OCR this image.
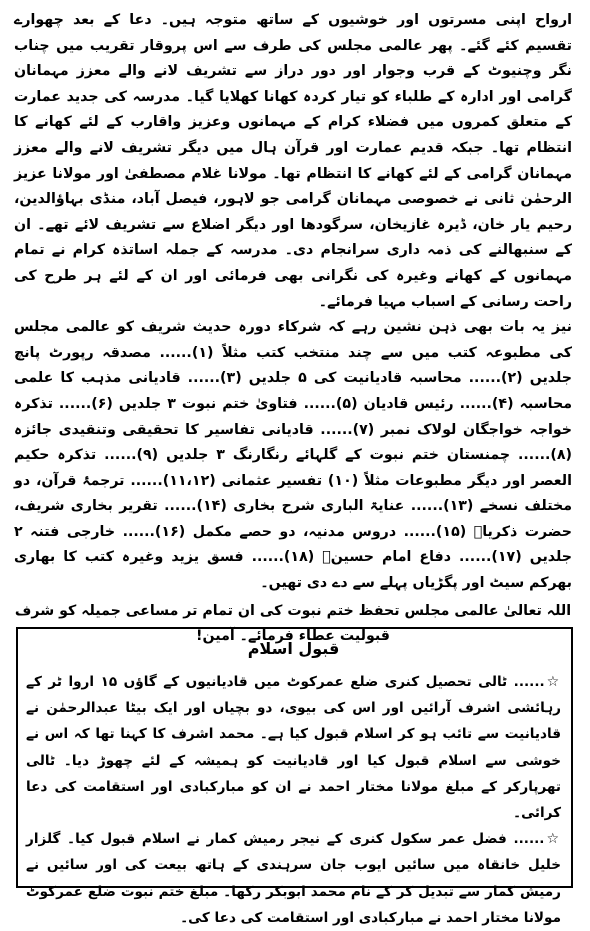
ارواح اپنی مسرتوں اور خوشیوں کے ساتھ متوجہ ہیں۔ دعا کے بعد چھوارے تقسیم کئے گئے۔ پھر عالمی مجلس کی طرف سے اس پروقار تقریب میں چناب نگر وچنیوٹ کے قرب وجوار اور دور دراز سے تشریف لانے والے معزز مہمانان گرامی اور ادارہ کے طلباء کو تیار کردہ کھانا کھلایا گیا۔ مدرسہ کی جدید عمارت کے متعلق کمروں میں فضلاء کرام کے مہمانوں وعزیز واقارب کے لئے کھانے کا انتظام تھا۔ جبکہ قدیم عمارت اور قرآن ہال میں دیگر تشریف لانے والے معزز مہمانان گرامی کے لئے کھانے کا انتظام تھا۔ مولانا غلام مصطفیٰ اور مولانا عزیز الرحمٰن ثانی نے خصوصی مہمانان گرامی جو لاہور، فیصل آباد، منڈی بہاؤالدین، رحیم یار خان، ڈیرہ غازیخان، سرگودھا اور دیگر اضلاع سے تشریف لائے تھے۔ ان کے سنبھالنے کی ذمہ داری سرانجام دی۔ مدرسہ کے جملہ اساتذہ کرام نے تمام مہمانوں کے کھانے وغیرہ کی نگرانی بھی فرمائی اور ان کے لئے ہر طرح کی راحت رسانی کے اسباب مہیا فرمائے۔

نیز یہ بات بھی ذہن نشین رہے کہ شرکاء دورہ حدیث شریف کو عالمی مجلس کی مطبوعہ کتب میں سے چند منتخب کتب مثلاً (۱)...... مصدقہ رپورٹ پانچ جلدیں (۲)...... محاسبہ قادیانیت کی ۵ جلدیں (۳)...... قادیانی مذہب کا علمی محاسبہ (۴)...... رئیس قادیان (۵)...... فتاویٰ ختم نبوت ۳ جلدیں (۶)...... تذکرہ خواجہ خواجگان لولاک نمبر (۷)...... قادیانی تفاسیر کا تحقیقی وتنقیدی جائزہ (۸)...... چمنستان ختم نبوت کے گلہائے رنگارنگ ۳ جلدیں (۹)...... تذکرہ حکیم العصر اور دیگر مطبوعات مثلاً (۱۰) تفسیر عثمانی (۱۱،۱۲)...... ترجمۂ قرآن، دو مختلف نسخے (۱۳)...... عنایۃ الباری شرح بخاری (۱۴)...... تقریر بخاری شریف، حضرت ذکریاؒ (۱۵)...... دروس مدنیہ، دو حصے مکمل (۱۶)...... خارجی فتنہ ۲ جلدیں (۱۷)...... دفاع امام حسینؓ (۱۸)...... فسق یزید وغیرہ کتب کا بھاری بھرکم سیٹ اور پگڑیاں پہلے سے دے دی تھیں۔

اللہ تعالیٰ عالمی مجلس تحفظ ختم نبوت کی ان تمام تر مساعی جمیلہ کو شرف قبولیت عطاء فرمائے۔ آمین!

قبول اسلام

☆...... ٹالی تحصیل کنری ضلع عمرکوٹ میں قادیانیوں کے گاؤں ۱۵ اروا ٹر کے رہائشی اشرف آرائیں اور اس کی بیوی، دو بچیاں اور ایک بیٹا عبدالرحمٰن نے قادیانیت سے تائب ہو کر اسلام قبول کیا ہے۔ محمد اشرف کا کہنا تھا کہ اس نے خوشی سے اسلام قبول کیا اور قادیانیت کو ہمیشہ کے لئے چھوڑ دیا۔ ٹالی تھرپارکر کے مبلغ مولانا مختار احمد نے ان کو مبارکبادی اور استقامت کی دعا کرائی۔

☆...... فضل عمر سکول کنری کے نیجر رمیش کمار نے اسلام قبول کیا۔ گلزار خلیل خانقاہ میں سائیں ایوب جان سرہندی کے ہاتھ بیعت کی اور سائیں نے رمیش کمار سے تبدیل کر کے نام محمد ابوبکر رکھا۔ مبلغ ختم نبوت ضلع عمرکوٹ مولانا مختار احمد نے مبارکبادی اور استقامت کی دعا کی۔
